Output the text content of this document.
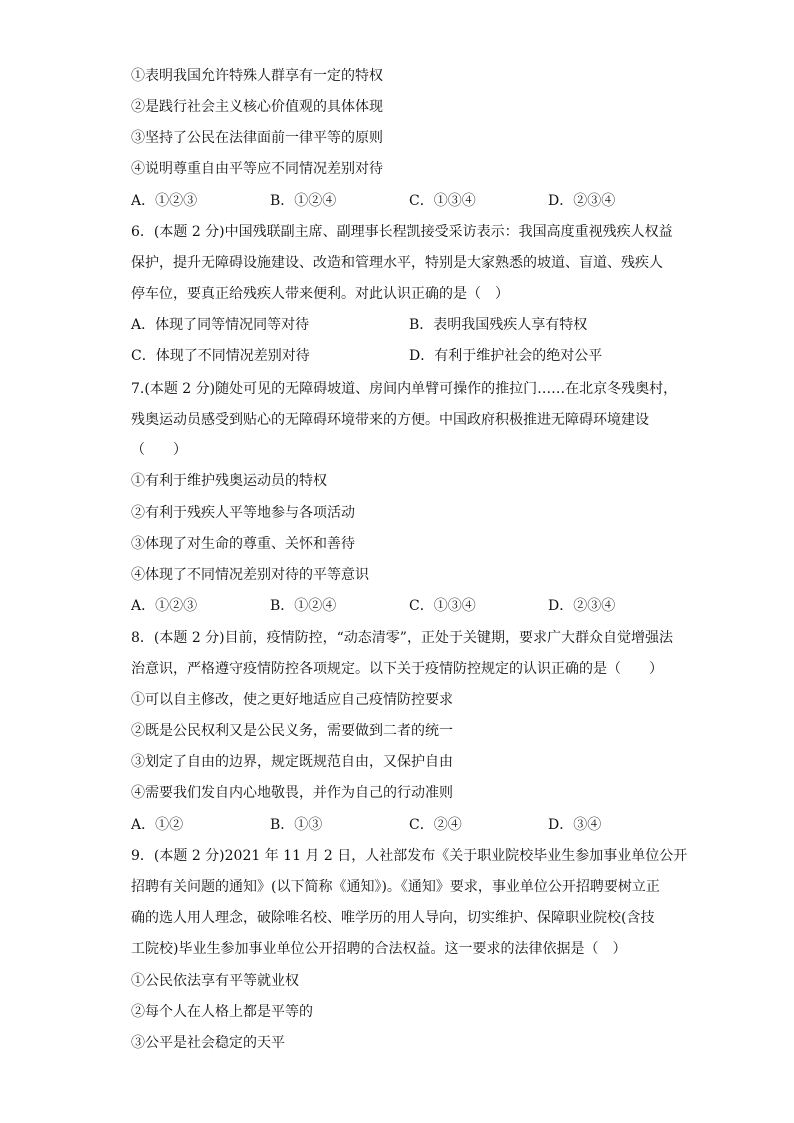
①表明我国允许特殊人群享有一定的特权
②是践行社会主义核心价值观的具体体现
③坚持了公民在法律面前一律平等的原则
④说明尊重自由平等应不同情况差别对待
A．①②③	B．①②④	C．①③④	D．②③④
6．(本题 2 分)中国残联副主席、副理事长程凯接受采访表示：我国高度重视残疾人权益
保护，提升无障碍设施建设、改造和管理水平，特别是大家熟悉的坡道、盲道、残疾人
停车位，要真正给残疾人带来便利。对此认识正确的是（　）
A．体现了同等情况同等对待	B．表明我国残疾人享有特权
C．体现了不同情况差别对待	D．有利于维护社会的绝对公平
7.(本题 2 分)随处可见的无障碍坡道、房间内单臂可操作的推拉门……在北京冬残奥村，
残奥运动员感受到贴心的无障碍环境带来的方便。中国政府积极推进无障碍环境建设
（　　）
①有利于维护残奥运动员的特权
②有利于残疾人平等地参与各项活动
③体现了对生命的尊重、关怀和善待
④体现了不同情况差别对待的平等意识
A．①②③	B．①②④	C．①③④	D．②③④
8．(本题 2 分)目前，疫情防控，“动态清零”，正处于关键期，要求广大群众自觉增强法
治意识，严格遵守疫情防控各项规定。以下关于疫情防控规定的认识正确的是（　　）
①可以自主修改，使之更好地适应自己疫情防控要求
②既是公民权利又是公民义务，需要做到二者的统一
③划定了自由的边界，规定既规范自由，又保护自由
④需要我们发自内心地敬畏，并作为自己的行动准则
A．①②	B．①③	C．②④	D．③④
9．(本题 2 分)2021 年 11 月 2 日，人社部发布《关于职业院校毕业生参加事业单位公开
招聘有关问题的通知》(以下简称《通知》)。《通知》要求，事业单位公开招聘要树立正
确的选人用人理念，破除唯名校、唯学历的用人导向，切实维护、保障职业院校(含技
工院校)毕业生参加事业单位公开招聘的合法权益。这一要求的法律依据是（　）
①公民依法享有平等就业权
②每个人在人格上都是平等的
③公平是社会稳定的天平
